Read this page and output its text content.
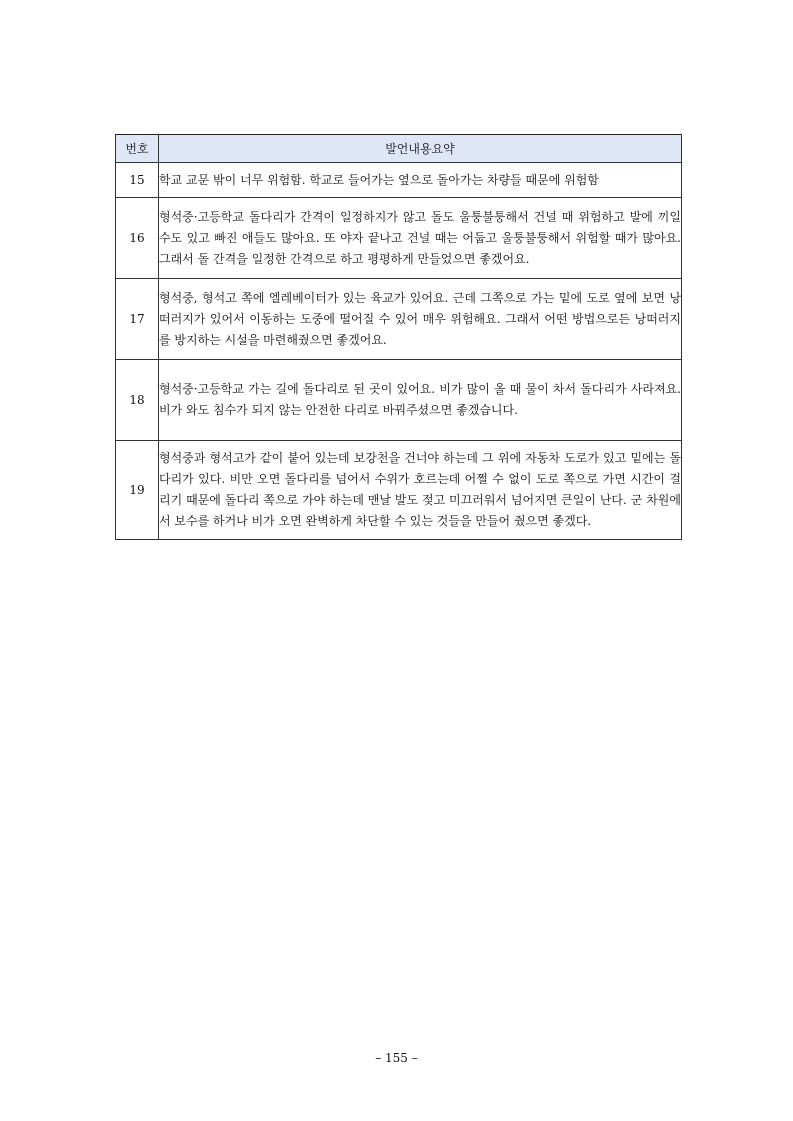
번호	발언내용요약
15	학교 교문 밖이 너무 위험함. 학교로 들어가는 옆으로 돌아가는 차량들 때문에 위험함
16	형석중·고등학교 돌다리가 간격이 일정하지가 않고 돌도 울퉁불퉁해서 건널 때 위험하고 발에 끼일 수도 있고 빠진 애들도 많아요. 또 야자 끝나고 건널 때는 어둡고 울퉁불퉁해서 위험할 때가 많아요. 그래서 돌 간격을 일정한 간격으로 하고 평평하게 만들었으면 좋겠어요.
17	형석중, 형석고 쪽에 엘레베이터가 있는 육교가 있어요. 근데 그쪽으로 가는 밑에 도로 옆에 보면 낭떠러지가 있어서 이동하는 도중에 떨어질 수 있어 매우 위험해요. 그래서 어떤 방법으로든 낭떠러지를 방지하는 시설을 마련해줬으면 좋겠어요.
18	형석중·고등학교 가는 길에 돌다리로 된 곳이 있어요. 비가 많이 올 때 물이 차서 돌다리가 사라져요. 비가 와도 침수가 되지 않는 안전한 다리로 바꿔주셨으면 좋겠습니다.
19	형석중과 형석고가 같이 붙어 있는데 보강천을 건너야 하는데 그 위에 자동차 도로가 있고 밑에는 돌다리가 있다. 비만 오면 돌다리를 넘어서 수위가 호르는데 어쩔 수 없이 도로 쪽으로 가면 시간이 걸리기 때문에 돌다리 쪽으로 가야 하는데 맨날 발도 젖고 미끄러워서 넘어지면 큰일이 난다. 군 차원에서 보수를 하거나 비가 오면 완벽하게 차단할 수 있는 것들을 만들어 줬으면 좋겠다.
– 155 –
